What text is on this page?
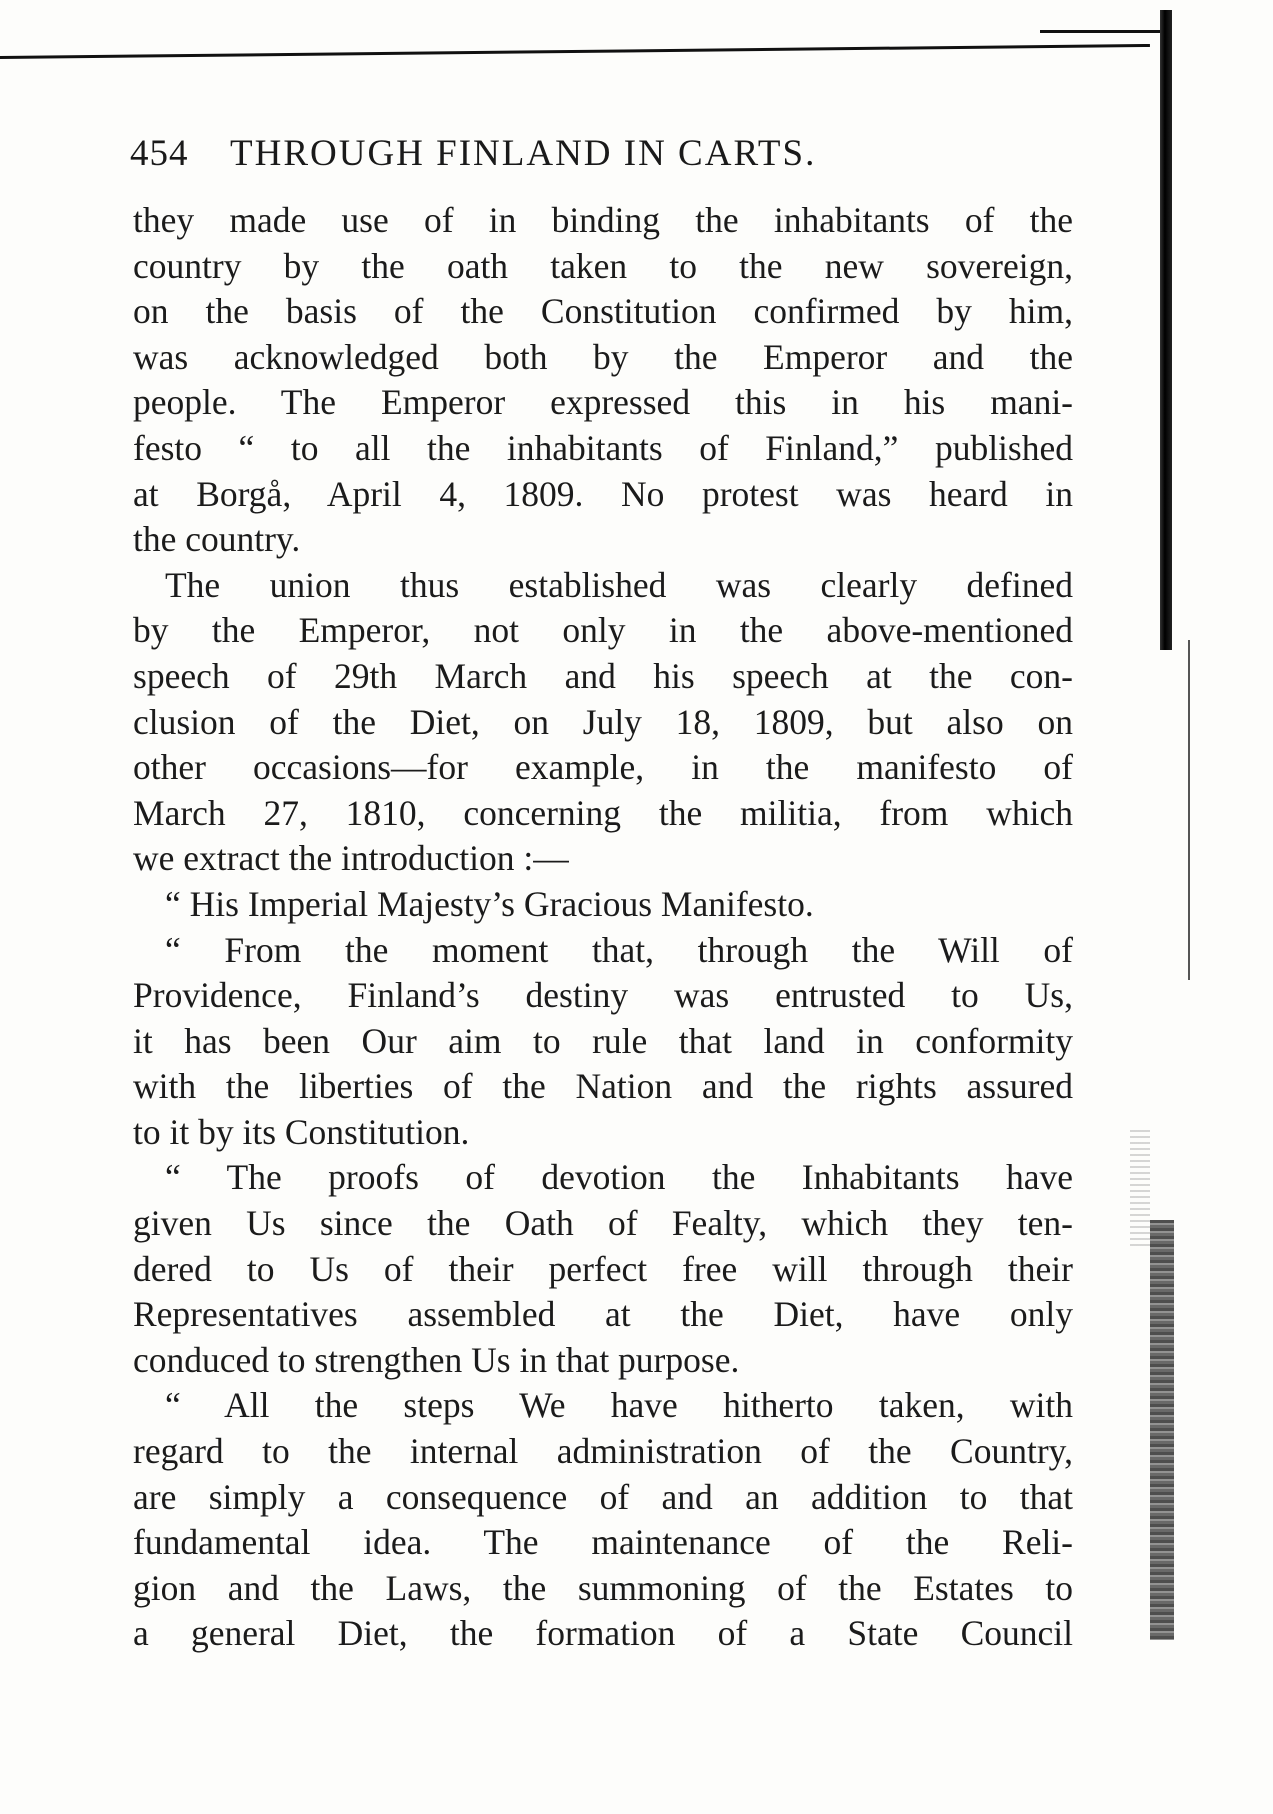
454 THROUGH FINLAND IN CARTS.
they made use of in binding the inhabitants of the
country by the oath taken to the new sovereign,
on the basis of the Constitution confirmed by him,
was acknowledged both by the Emperor and the
people. The Emperor expressed this in his mani-
festo “ to all the inhabitants of Finland,” published
at Borgå, April 4, 1809. No protest was heard in
the country.
The union thus established was clearly defined
by the Emperor, not only in the above-mentioned
speech of 29th March and his speech at the con-
clusion of the Diet, on July 18, 1809, but also on
other occasions—for example, in the manifesto of
March 27, 1810, concerning the militia, from which
we extract the introduction :—
“ His Imperial Majesty’s Gracious Manifesto.
“ From the moment that, through the Will of
Providence, Finland’s destiny was entrusted to Us,
it has been Our aim to rule that land in conformity
with the liberties of the Nation and the rights assured
to it by its Constitution.
“ The proofs of devotion the Inhabitants have
given Us since the Oath of Fealty, which they ten-
dered to Us of their perfect free will through their
Representatives assembled at the Diet, have only
conduced to strengthen Us in that purpose.
“ All the steps We have hitherto taken, with
regard to the internal administration of the Country,
are simply a consequence of and an addition to that
fundamental idea. The maintenance of the Reli-
gion and the Laws, the summoning of the Estates to
a general Diet, the formation of a State Council
